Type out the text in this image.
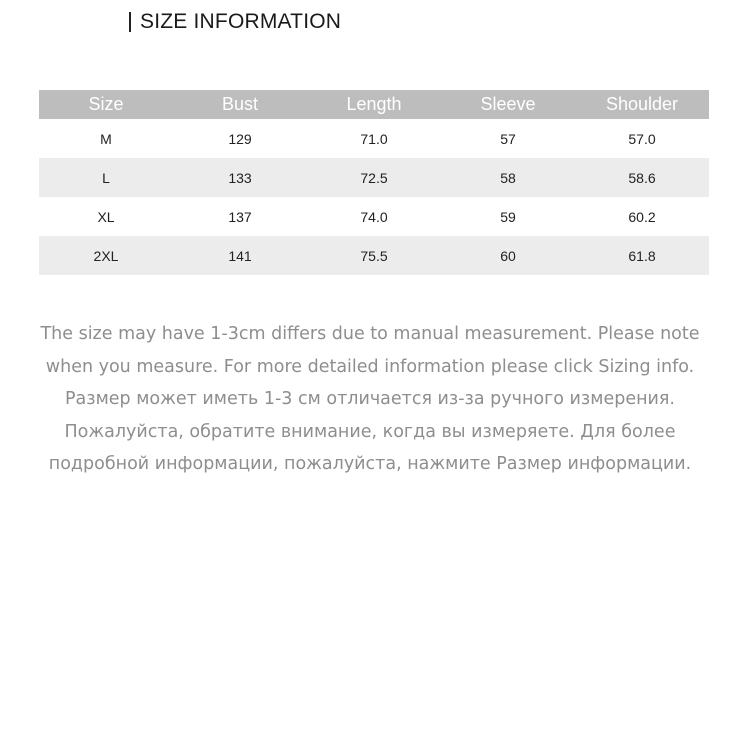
SIZE INFORMATION
Size	Bust	Length	Sleeve	Shoulder
M	129	71.0	57	57.0
L	133	72.5	58	58.6
XL	137	74.0	59	60.2
2XL	141	75.5	60	61.8

The size may have 1-3cm differs due to manual measurement. Please note when you measure. For more detailed information please click Sizing info.

Размер может иметь 1-3 см отличается из-за ручного измерения. Пожалуйста, обратите внимание, когда вы измеряете. Для более подробной информации, пожалуйста, нажмите Размер информации.
